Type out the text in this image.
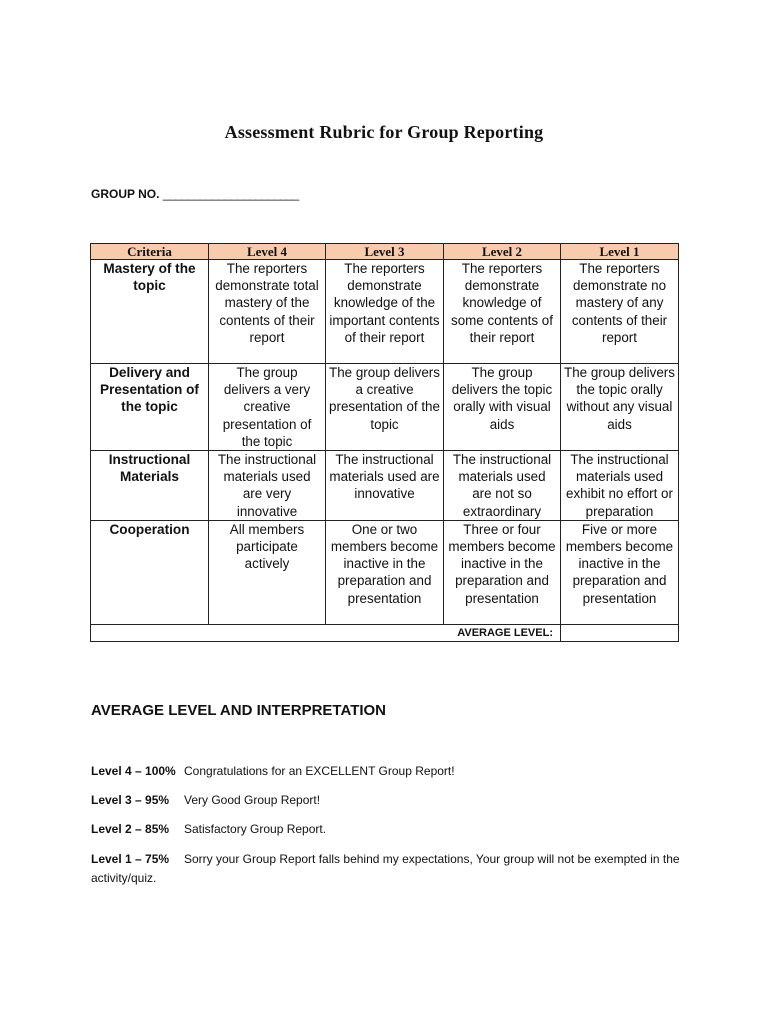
Assessment Rubric for Group Reporting
GROUP NO. ______________________
Criteria	Level 4	Level 3	Level 2	Level 1
Mastery of the topic	The reporters demonstrate total mastery of the contents of their report	The reporters demonstrate knowledge of the important contents of their report	The reporters demonstrate knowledge of some contents of their report	The reporters demonstrate no mastery of any contents of their report
Delivery and Presentation of the topic	The group delivers a very creative presentation of the topic	The group delivers a creative presentation of the topic	The group delivers the topic orally with visual aids	The group delivers the topic orally without any visual aids
Instructional Materials	The instructional materials used are very innovative	The instructional materials used are innovative	The instructional materials used are not so extraordinary	The instructional materials used exhibit no effort or preparation
Cooperation	All members participate actively	One or two members become inactive in the preparation and presentation	Three or four members become inactive in the preparation and presentation	Five or more members become inactive in the preparation and presentation
AVERAGE LEVEL:				
AVERAGE LEVEL AND INTERPRETATION
Level 4 – 100% Congratulations for an EXCELLENT Group Report!
Level 3 – 95% Very Good Group Report!
Level 2 – 85% Satisfactory Group Report.
Level 1 – 75% Sorry your Group Report falls behind my expectations, Your group will not be exempted in the activity/quiz.
